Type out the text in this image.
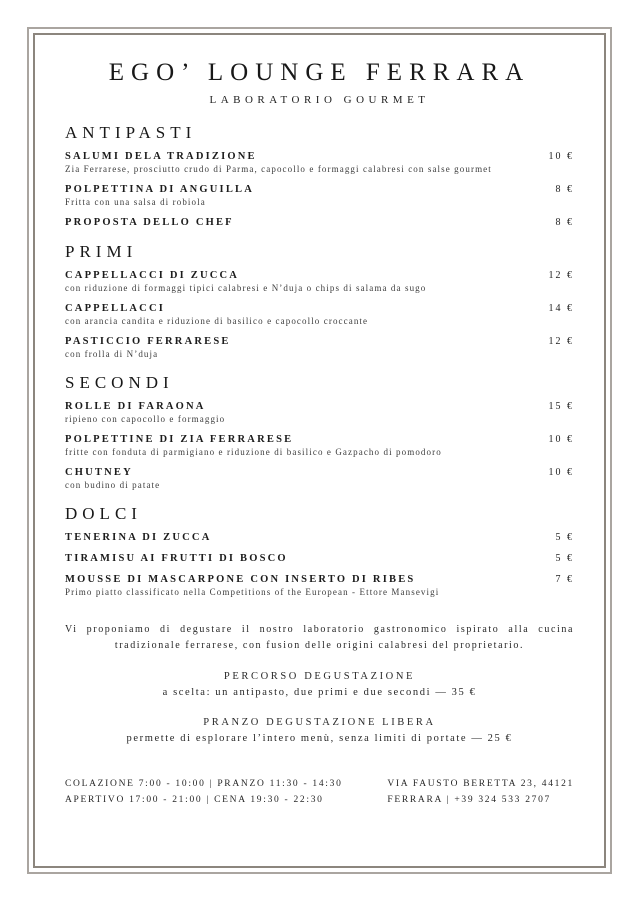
EGO’ LOUNGE FERRARA
LABORATORIO GOURMET
ANTIPASTI
SALUMI DELA TRADIZIONE
Zia Ferrarese, prosciutto crudo di Parma, capocollo e formaggi calabresi con salse gourmet
10 €
POLPETTINA DI ANGUILLA
Fritta con una salsa di robiola
8 €
PROPOSTA DELLO CHEF	8 €
PRIMI
CAPPELLACCI DI ZUCCA
con riduzione di formaggi tipici calabresi e N’duja o chips di salama da sugo
12 €
CAPPELLACCI
con arancia candita e riduzione di basilico e capocollo croccante
14 €
PASTICCIO FERRARESE
con frolla di N’duja
12 €
SECONDI
ROLLE DI FARAONA
ripieno con capocollo e formaggio
15 €
POLPETTINE DI ZIA FERRARESE
fritte con fonduta di parmigiano e riduzione di basilico e Gazpacho di pomodoro
10 €
CHUTNEY
con budino di patate
10 €
DOLCI
TENERINA DI ZUCCA	5 €
TIRAMISU AI FRUTTI DI BOSCO	5 €
MOUSSE DI MASCARPONE CON INSERTO DI RIBES
Primo piatto classificato nella Competitions of the European - Ettore Mansevigi
7 €
Vi proponiamo di degustare il nostro laboratorio gastronomico ispirato alla cucina tradizionale ferrarese, con fusion delle origini calabresi del proprietario.
PERCORSO DEGUSTAZIONE
a scelta: un antipasto, due primi e due secondi — 35 €
PRANZO DEGUSTAZIONE LIBERA
permette di esplorare l’intero menù, senza limiti di portate — 25 €
COLAZIONE 7:00 - 10:00 | PRANZO 11:30 - 14:30
APERTIVO 17:00 - 21:00 | CENA 19:30 - 22:30
VIA FAUSTO BERETTA 23, 44121
FERRARA | +39 324 533 2707
